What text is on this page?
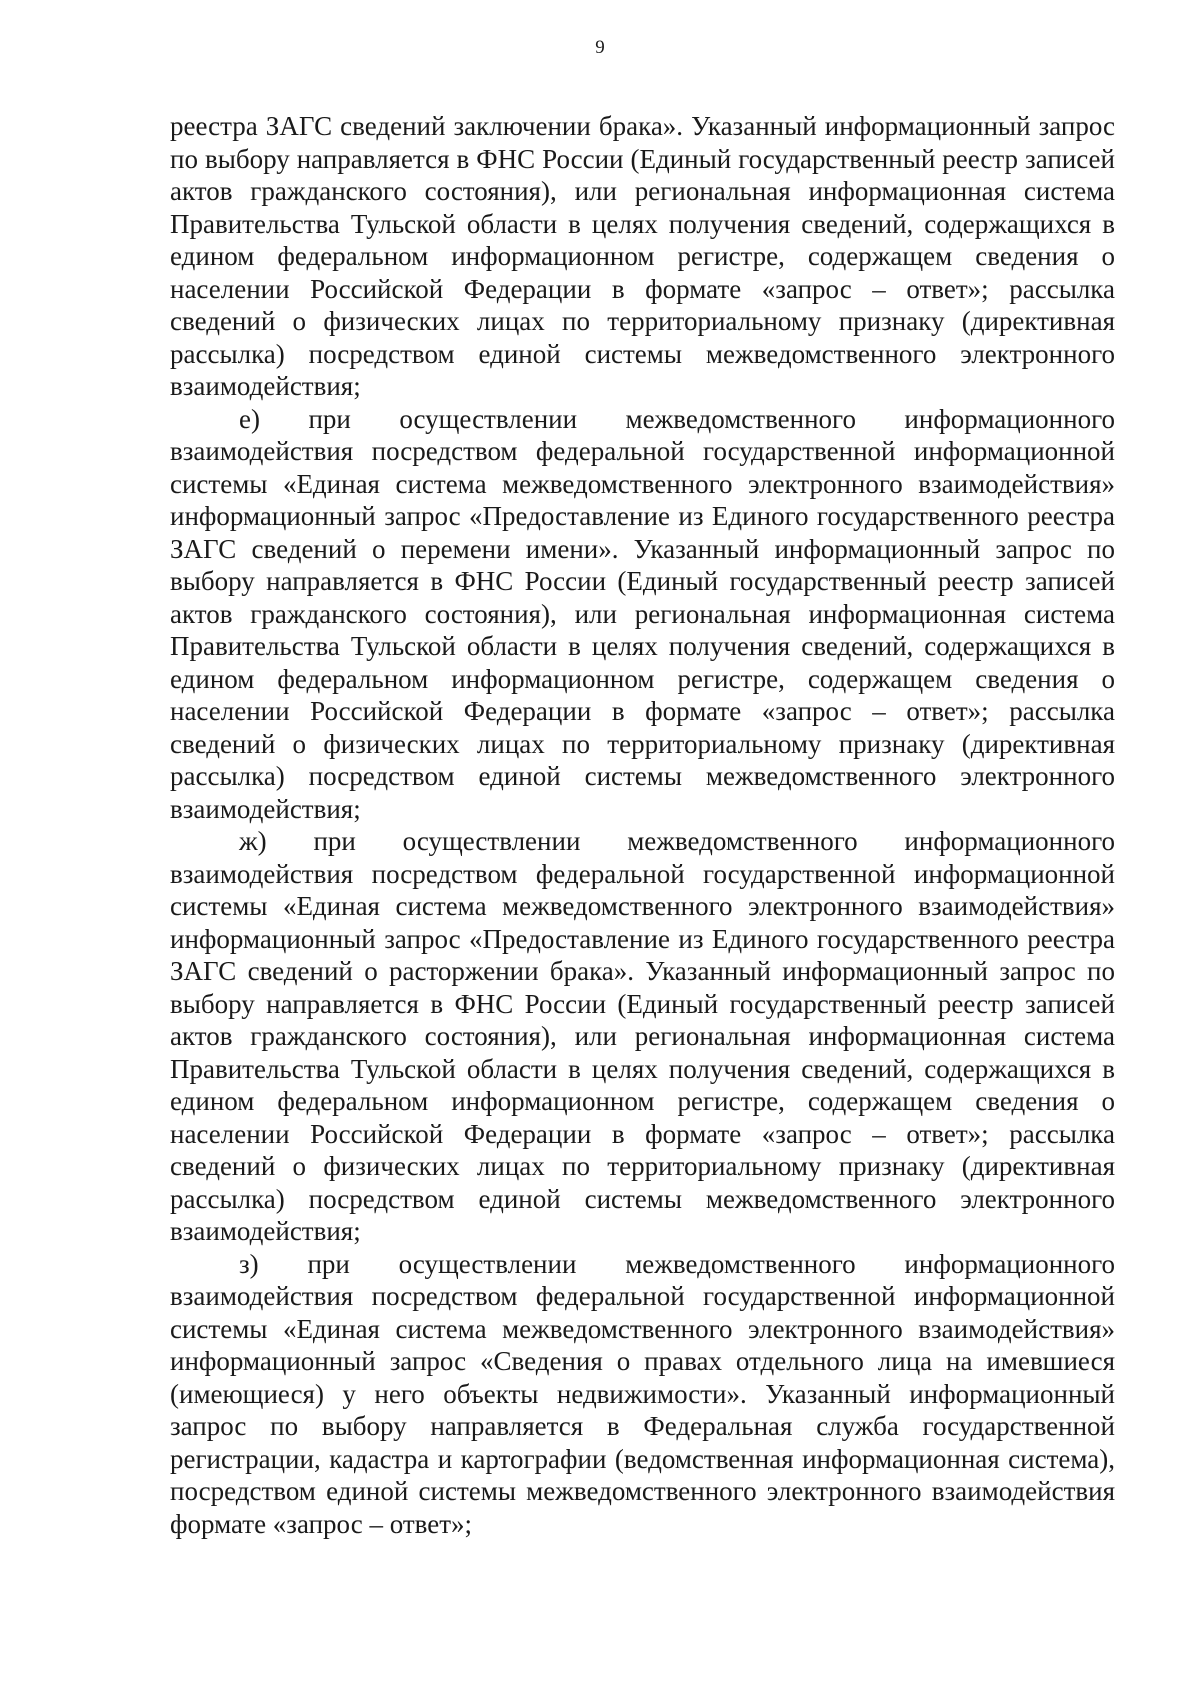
9

реестра ЗАГС сведений заключении брака». Указанный информационный запрос по выбору направляется в ФНС России (Единый государственный реестр записей актов гражданского состояния), или региональная информационная система Правительства Тульской области в целях получения сведений, содержащихся в едином федеральном информационном регистре, содержащем сведения о населении Российской Федерации в формате «запрос – ответ»; рассылка сведений о физических лицах по территориальному признаку (директивная рассылка) посредством единой системы межведомственного электронного взаимодействия;

е) при осуществлении межведомственного информационного взаимодействия посредством федеральной государственной информационной системы «Единая система межведомственного электронного взаимодействия» информационный запрос «Предоставление из Единого государственного реестра ЗАГС сведений о перемени имени». Указанный информационный запрос по выбору направляется в ФНС России (Единый государственный реестр записей актов гражданского состояния), или региональная информационная система Правительства Тульской области в целях получения сведений, содержащихся в едином федеральном информационном регистре, содержащем сведения о населении Российской Федерации в формате «запрос – ответ»; рассылка сведений о физических лицах по территориальному признаку (директивная рассылка) посредством единой системы межведомственного электронного взаимодействия;

ж) при осуществлении межведомственного информационного взаимодействия посредством федеральной государственной информационной системы «Единая система межведомственного электронного взаимодействия» информационный запрос «Предоставление из Единого государственного реестра ЗАГС сведений о расторжении брака». Указанный информационный запрос по выбору направляется в ФНС России (Единый государственный реестр записей актов гражданского состояния), или региональная информационная система Правительства Тульской области в целях получения сведений, содержащихся в едином федеральном информационном регистре, содержащем сведения о населении Российской Федерации в формате «запрос – ответ»; рассылка сведений о физических лицах по территориальному признаку (директивная рассылка) посредством единой системы межведомственного электронного взаимодействия;

з) при осуществлении межведомственного информационного взаимодействия посредством федеральной государственной информационной системы «Единая система межведомственного электронного взаимодействия» информационный запрос «Сведения о правах отдельного лица на имевшиеся (имеющиеся) у него объекты недвижимости». Указанный информационный запрос по выбору направляется в Федеральная служба государственной регистрации, кадастра и картографии (ведомственная информационная система), посредством единой системы межведомственного электронного взаимодействия формате «запрос – ответ»;
